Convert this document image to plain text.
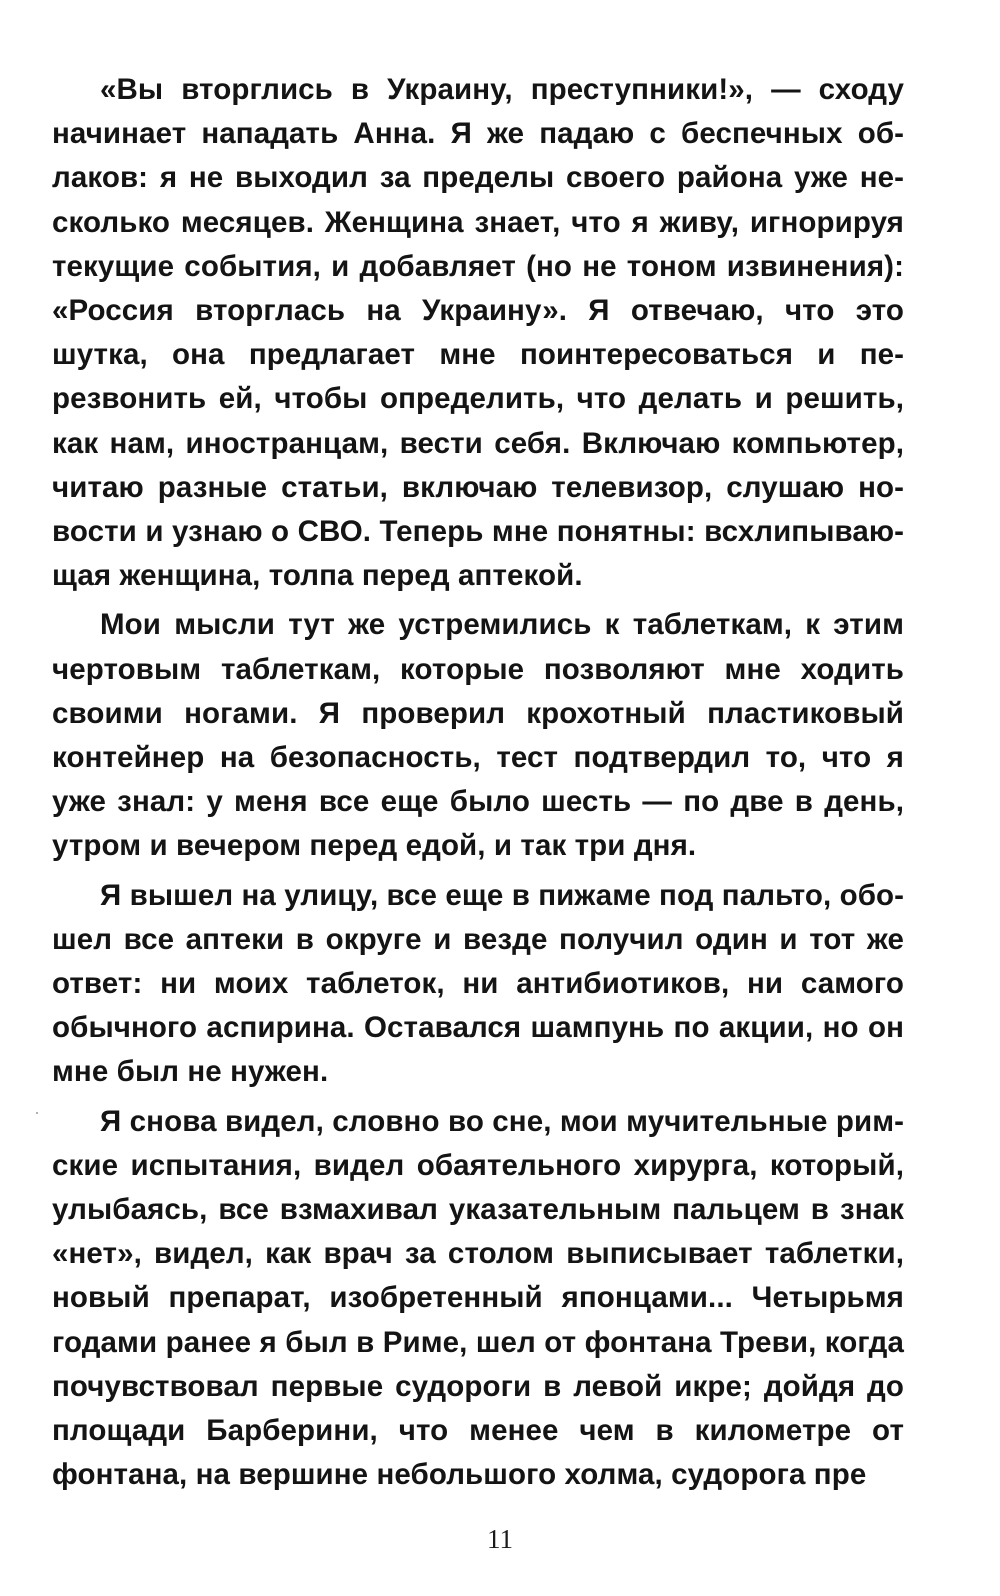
«Вы вторглись в Украину, преступники!», — сходу начинает нападать Анна. Я же падаю с беспечных облаков: я не выходил за пределы своего района уже несколько месяцев. Женщина знает, что я живу, игнорируя текущие события, и добавляет (но не тоном извинения): «Россия вторглась на Украину». Я отвечаю, что это шутка, она предлагает мне поинтересоваться и перезвонить ей, чтобы определить, что делать и решить, как нам, иностранцам, вести себя. Включаю компьютер, читаю разные статьи, включаю телевизор, слушаю новости и узнаю о СВО. Теперь мне понятны: всхлипывающая женщина, толпа перед аптекой.

Мои мысли тут же устремились к таблеткам, к этим чертовым таблеткам, которые позволяют мне ходить своими ногами. Я проверил крохотный пластиковый контейнер на безопасность, тест подтвердил то, что я уже знал: у меня все еще было шесть — по две в день, утром и вечером перед едой, и так три дня.

Я вышел на улицу, все еще в пижаме под пальто, обошел все аптеки в округе и везде получил один и тот же ответ: ни моих таблеток, ни антибиотиков, ни самого обычного аспирина. Оставался шампунь по акции, но он мне был не нужен.

Я снова видел, словно во сне, мои мучительные римские испытания, видел обаятельного хирурга, который, улыбаясь, все взмахивал указательным пальцем в знак «нет», видел, как врач за столом выписывает таблетки, новый препарат, изобретенный японцами... Четырьмя годами ранее я был в Риме, шел от фонтана Треви, когда почувствовал первые судороги в левой икре; дойдя до площади Барберини, что менее чем в километре от фонтана, на вершине небольшого холма, судорога пре

11
